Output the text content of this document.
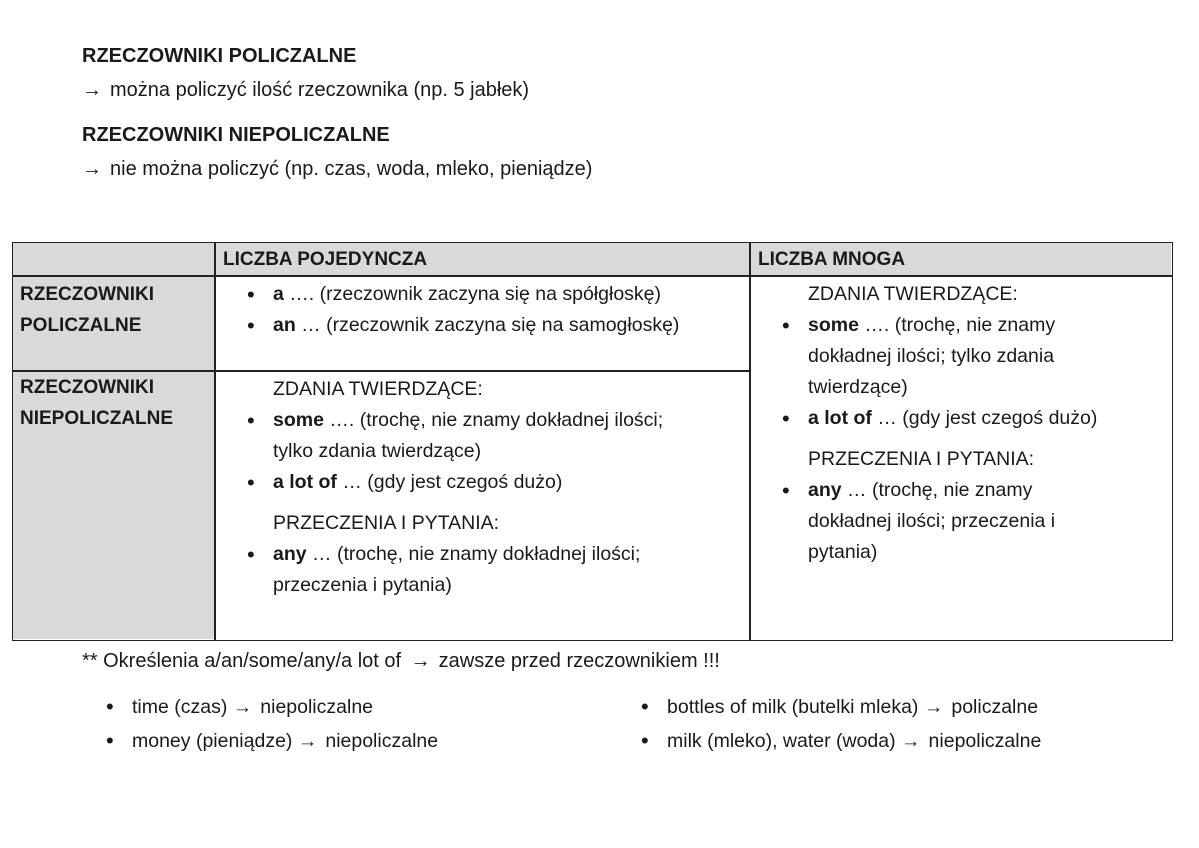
RZECZOWNIKI POLICZALNE
→ można policzyć ilość rzeczownika (np. 5 jabłek)
RZECZOWNIKI NIEPOLICZALNE
→ nie można policzyć (np. czas, woda, mleko, pieniądze)
LICZBA POJEDYNCZA	LICZBA MNOGA
RZECZOWNIKI
POLICZALNE
RZECZOWNIKI
NIEPOLICZALNE
• a …. (rzeczownik zaczyna się na spółgłoskę)
• an … (rzeczownik zaczyna się na samogłoskę)
ZDANIA TWIERDZĄCE:
• some …. (trochę, nie znamy dokładnej ilości;
tylko zdania twierdzące)
• a lot of … (gdy jest czegoś dużo)
PRZECZENIA I PYTANIA:
• any … (trochę, nie znamy dokładnej ilości;
przeczenia i pytania)
ZDANIA TWIERDZĄCE:
• some …. (trochę, nie znamy
dokładnej ilości; tylko zdania
twierdzące)
• a lot of … (gdy jest czegoś dużo)
PRZECZENIA I PYTANIA:
• any … (trochę, nie znamy
dokładnej ilości; przeczenia i
pytania)
** Określenia a/an/some/any/a lot of → zawsze przed rzeczownikiem !!!
• time (czas) → niepoliczalne
• money (pieniądze) → niepoliczalne
• bottles of milk (butelki mleka) → policzalne
• milk (mleko), water (woda) → niepoliczalne
